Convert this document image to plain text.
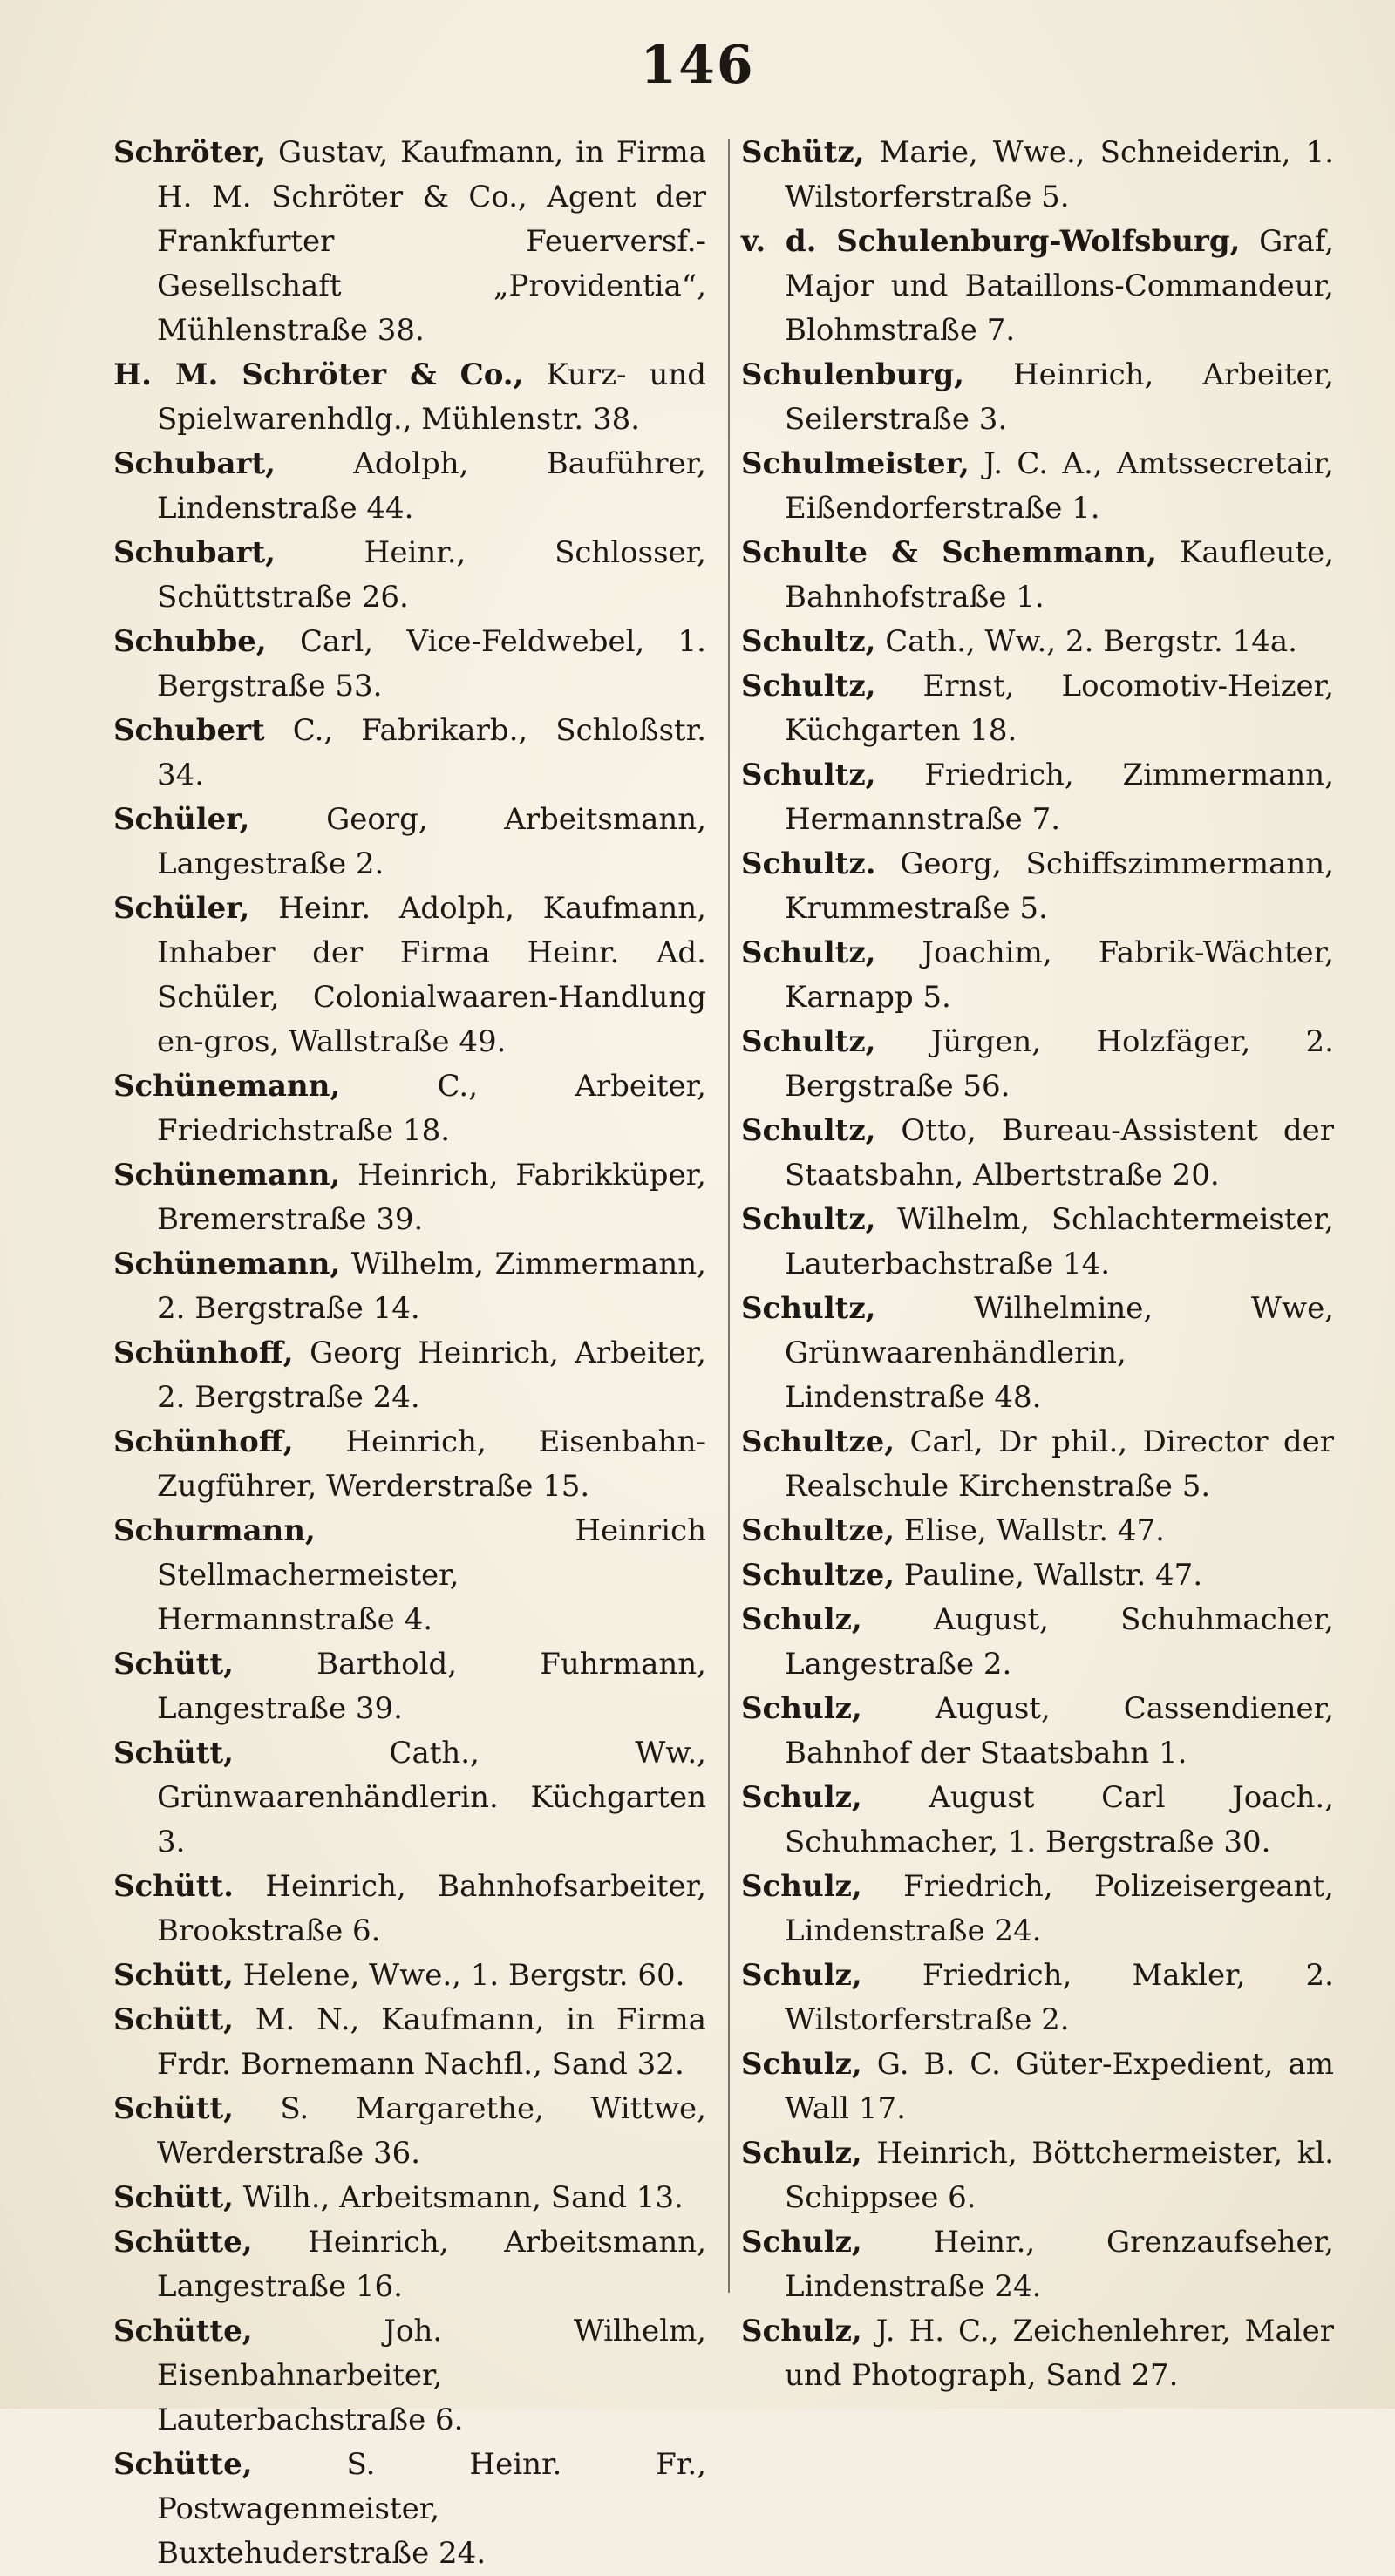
146

Schröter, Gustav, Kaufmann, in Firma H. M. Schröter & Co., Agent der Frankfurter Feuerversf.-Gesellschaft „Providentia“, Mühlenstraße 38.

H. M. Schröter & Co., Kurz- und Spielwarenhdlg., Mühlenstr. 38.

Schubart, Adolph, Bauführer, Lindenstraße 44.

Schubart, Heinr., Schlosser, Schüttstraße 26.

Schubbe, Carl, Vice-Feldwebel, 1. Bergstraße 53.

Schubert C., Fabrikarb., Schloßstr. 34.

Schüler, Georg, Arbeitsmann, Langestraße 2.

Schüler, Heinr. Adolph, Kaufmann, Inhaber der Firma Heinr. Ad. Schüler, Colonialwaaren-Handlung en-gros, Wallstraße 49.

Schünemann, C., Arbeiter, Friedrichstraße 18.

Schünemann, Heinrich, Fabrikküper, Bremerstraße 39.

Schünemann, Wilhelm, Zimmermann, 2. Bergstraße 14.

Schünhoff, Georg Heinrich, Arbeiter, 2. Bergstraße 24.

Schünhoff, Heinrich, Eisenbahn-Zugführer, Werderstraße 15.

Schurmann, Heinrich Stellmachermeister, Hermannstraße 4.

Schütt, Barthold, Fuhrmann, Langestraße 39.

Schütt, Cath., Ww., Grünwaarenhändlerin. Küchgarten 3.

Schütt. Heinrich, Bahnhofsarbeiter, Brookstraße 6.

Schütt, Helene, Wwe., 1. Bergstr. 60.

Schütt, M. N., Kaufmann, in Firma Frdr. Bornemann Nachfl., Sand 32.

Schütt, S. Margarethe, Wittwe, Werderstraße 36.

Schütt, Wilh., Arbeitsmann, Sand 13.

Schütte, Heinrich, Arbeitsmann, Langestraße 16.

Schütte, Joh. Wilhelm, Eisenbahnarbeiter, Lauterbachstraße 6.

Schütte, S. Heinr. Fr., Postwagenmeister, Buxtehuderstraße 24.

Schütz, Marie, Wwe., Schneiderin, 1. Wilstorferstraße 5.

v. d. Schulenburg-Wolfsburg, Graf, Major und Bataillons-Commandeur, Blohmstraße 7.

Schulenburg, Heinrich, Arbeiter, Seilerstraße 3.

Schulmeister, J. C. A., Amtssecretair, Eißendorferstraße 1.

Schulte & Schemmann, Kaufleute, Bahnhofstraße 1.

Schultz, Cath., Ww., 2. Bergstr. 14a.

Schultz, Ernst, Locomotiv-Heizer, Küchgarten 18.

Schultz, Friedrich, Zimmermann, Hermannstraße 7.

Schultz. Georg, Schiffszimmermann, Krummestraße 5.

Schultz, Joachim, Fabrik-Wächter, Karnapp 5.

Schultz, Jürgen, Holzfäger, 2. Bergstraße 56.

Schultz, Otto, Bureau-Assistent der Staatsbahn, Albertstraße 20.

Schultz, Wilhelm, Schlachtermeister, Lauterbachstraße 14.

Schultz, Wilhelmine, Wwe, Grünwaarenhändlerin, Lindenstraße 48.

Schultze, Carl, Dr phil., Director der Realschule Kirchenstraße 5.

Schultze, Elise, Wallstr. 47.

Schultze, Pauline, Wallstr. 47.

Schulz, August, Schuhmacher, Langestraße 2.

Schulz, August, Cassendiener, Bahnhof der Staatsbahn 1.

Schulz, August Carl Joach., Schuhmacher, 1. Bergstraße 30.

Schulz, Friedrich, Polizeisergeant, Lindenstraße 24.

Schulz, Friedrich, Makler, 2. Wilstorferstraße 2.

Schulz, G. B. C. Güter-Expedient, am Wall 17.

Schulz, Heinrich, Böttchermeister, kl. Schippsee 6.

Schulz, Heinr., Grenzaufseher, Lindenstraße 24.

Schulz, J. H. C., Zeichenlehrer, Maler und Photograph, Sand 27.
